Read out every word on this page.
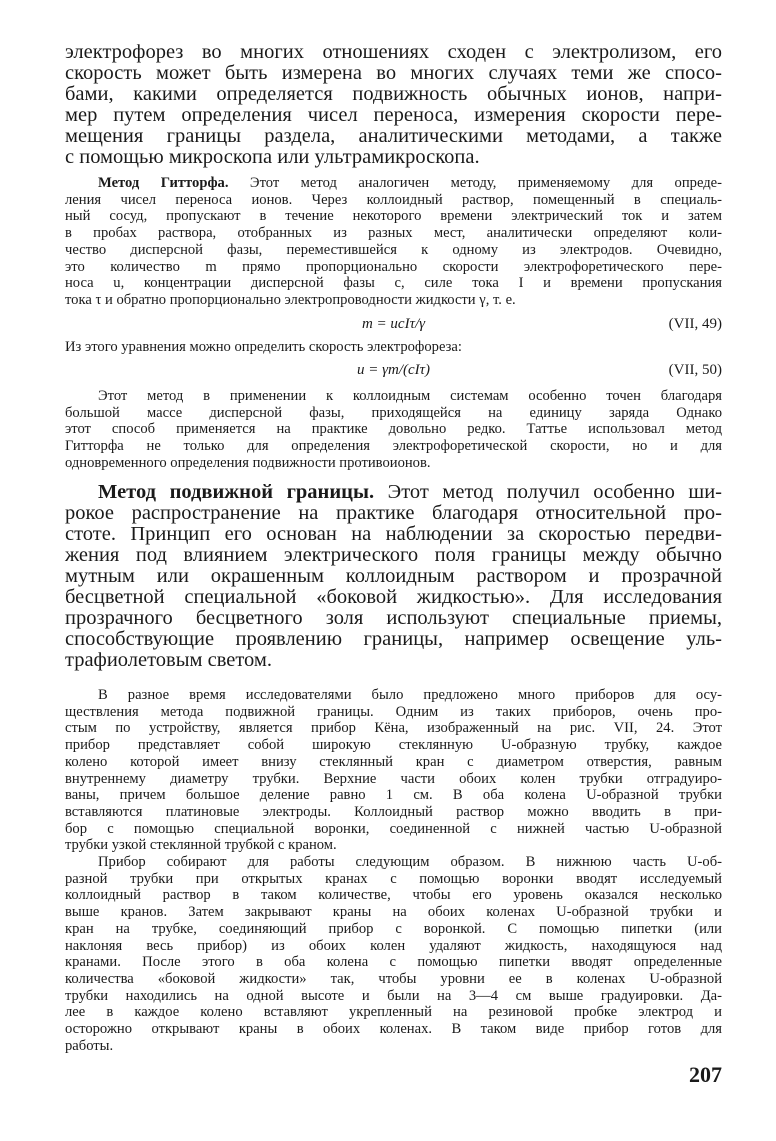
электрофорез во многих отношениях сходен с электролизом, его
скорость может быть измерена во многих случаях теми же спосо-
бами, какими определяется подвижность обычных ионов, напри-
мер путем определения чисел переноса, измерения скорости пере-
мещения границы раздела, аналитическими методами, а также
с помощью микроскопа или ультрамикроскопа.
Метод Гитторфа. Этот метод аналогичен методу, применяемому для опреде-
ления чисел переноса ионов. Через коллоидный раствор, помещенный в специаль-
ный сосуд, пропускают в течение некоторого времени электрический ток и затем
в пробах раствора, отобранных из разных мест, аналитически определяют коли-
чество дисперсной фазы, переместившейся к одному из электродов. Очевидно,
это количество m прямо пропорционально скорости электрофоретического пере-
носа u, концентрации дисперсной фазы c, силе тока I и времени пропускания
тока τ и обратно пропорционально электропроводности жидкости γ, т. е.
m = ucIτ/γ	(VII, 49)
Из этого уравнения можно определить скорость электрофореза:
u = γm/(cIτ)	(VII, 50)
Этот метод в применении к коллоидным системам особенно точен благодаря
большой массе дисперсной фазы, приходящейся на единицу заряда Однако
этот способ применяется на практике довольно редко. Таттье использовал метод
Гитторфа не только для определения электрофоретической скорости, но и для
одновременного определения подвижности противоионов.
Метод подвижной границы. Этот метод получил особенно ши-
рокое распространение на практике благодаря относительной про-
стоте. Принцип его основан на наблюдении за скоростью передви-
жения под влиянием электрического поля границы между обычно
мутным или окрашенным коллоидным раствором и прозрачной
бесцветной специальной «боковой жидкостью». Для исследования
прозрачного бесцветного золя используют специальные приемы,
способствующие проявлению границы, например освещение уль-
трафиолетовым светом.
В разное время исследователями было предложено много приборов для осу-
ществления метода подвижной границы. Одним из таких приборов, очень про-
стым по устройству, является прибор Кёна, изображенный на рис. VII, 24. Этот
прибор представляет собой широкую стеклянную U-образную трубку, каждое
колено которой имеет внизу стеклянный кран с диаметром отверстия, равным
внутреннему диаметру трубки. Верхние части обоих колен трубки отградуиро-
ваны, причем большое деление равно 1 см. В оба колена U-образной трубки
вставляются платиновые электроды. Коллоидный раствор можно вводить в при-
бор с помощью специальной воронки, соединенной с нижней частью U-образной
трубки узкой стеклянной трубкой с краном.
Прибор собирают для работы следующим образом. В нижнюю часть U-об-
разной трубки при открытых кранах с помощью воронки вводят исследуемый
коллоидный раствор в таком количестве, чтобы его уровень оказался несколько
выше кранов. Затем закрывают краны на обоих коленах U-образной трубки и
кран на трубке, соединяющий прибор с воронкой. С помощью пипетки (или
наклоняя весь прибор) из обоих колен удаляют жидкость, находящуюся над
кранами. После этого в оба колена с помощью пипетки вводят определенные
количества «боковой жидкости» так, чтобы уровни ее в коленах U-образной
трубки находились на одной высоте и были на 3—4 см выше градуировки. Да-
лее в каждое колено вставляют укрепленный на резиновой пробке электрод и
осторожно открывают краны в обоих коленах. В таком виде прибор готов для
работы.
207
